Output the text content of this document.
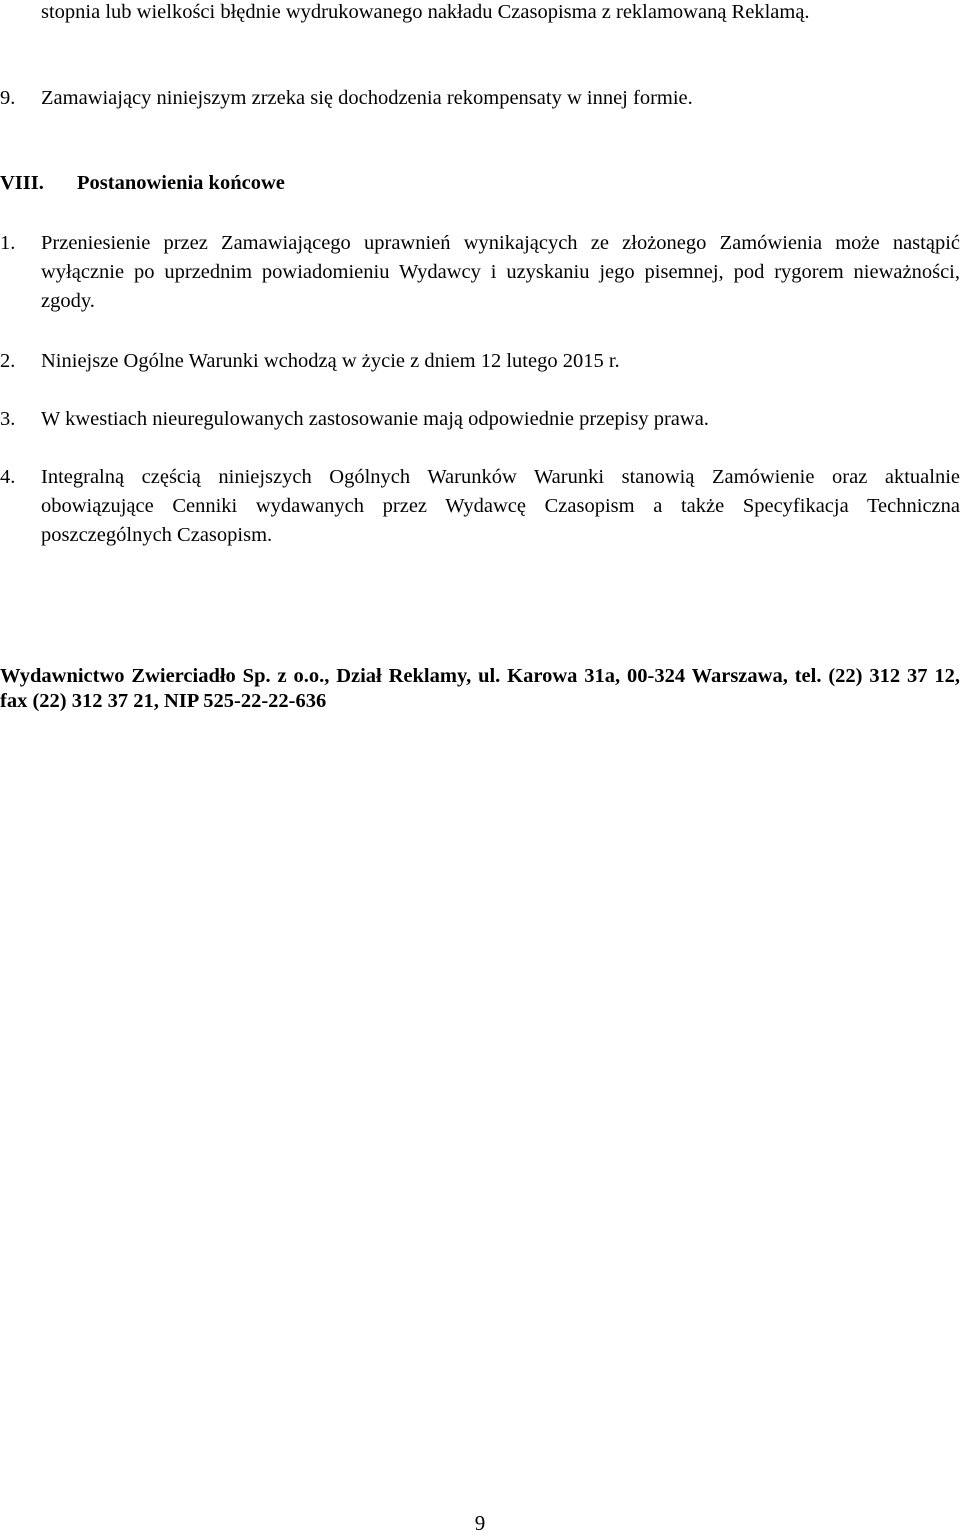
stopnia lub wielkości błędnie wydrukowanego nakładu Czasopisma z reklamowaną Reklamą.
9.	Zamawiający niniejszym zrzeka się dochodzenia rekompensaty w innej formie.
VIII.	Postanowienia końcowe
1.	Przeniesienie przez Zamawiającego uprawnień wynikających ze złożonego Zamówienia może nastąpić wyłącznie po uprzednim powiadomieniu Wydawcy i uzyskaniu jego pisemnej, pod rygorem nieważności, zgody.
2.	Niniejsze Ogólne Warunki wchodzą w życie z dniem 12 lutego 2015 r.
3.	W kwestiach nieuregulowanych zastosowanie mają odpowiednie przepisy prawa.
4.	Integralną częścią niniejszych Ogólnych Warunków Warunki stanowią Zamówienie oraz aktualnie obowiązujące Cenniki wydawanych przez Wydawcę Czasopism a także Specyfikacja Techniczna poszczególnych Czasopism.
Wydawnictwo Zwierciadło Sp. z o.o., Dział Reklamy, ul. Karowa 31a, 00-324 Warszawa, tel. (22) 312 37 12, fax (22) 312 37 21, NIP 525-22-22-636
9
